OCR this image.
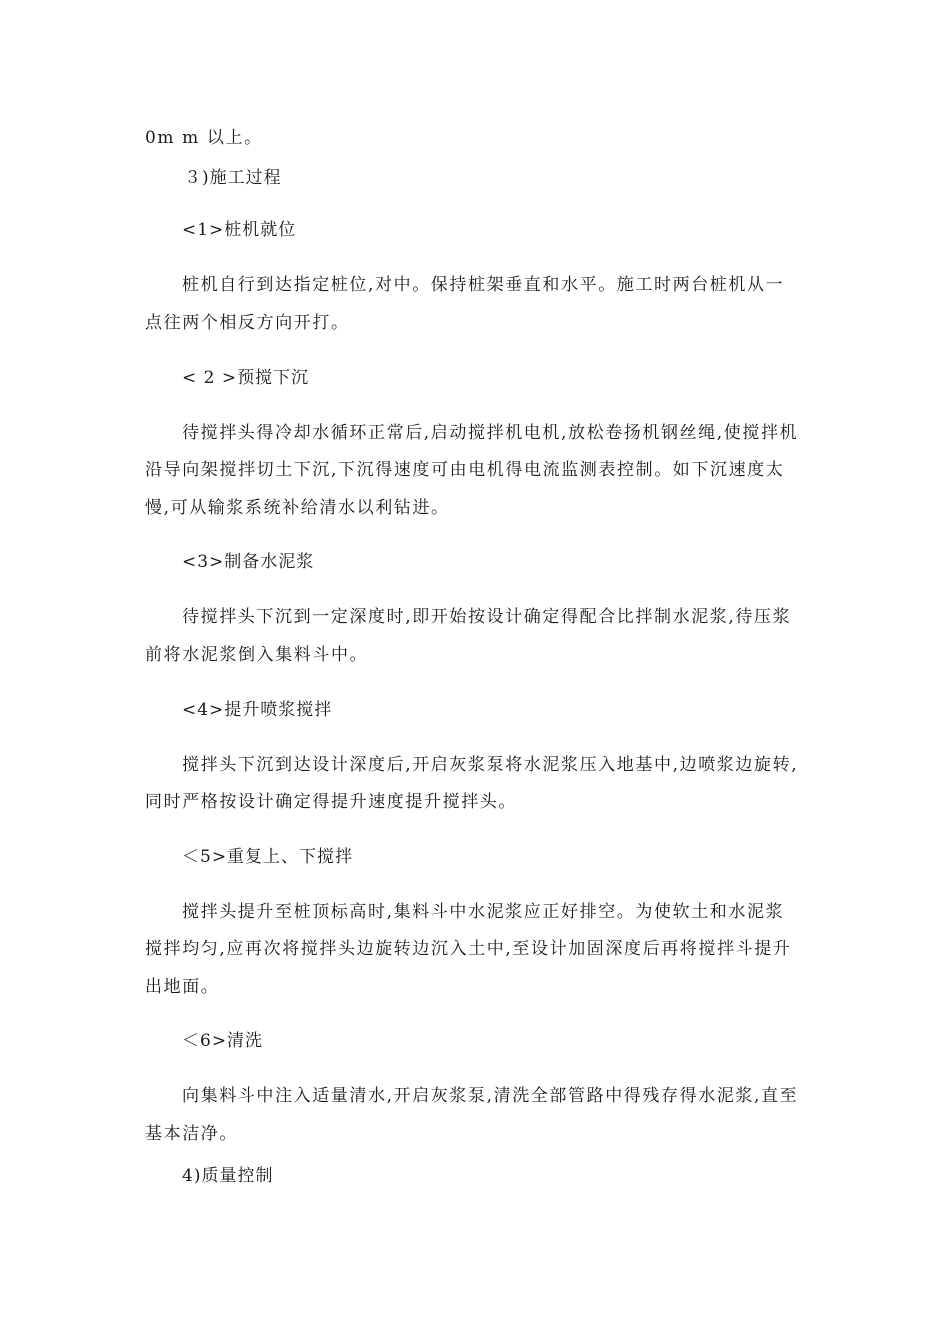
0m m 以上。
３)施工过程
<1>桩机就位
桩机自行到达指定桩位,对中。保持桩架垂直和水平。施工时两台桩机从一
点往两个相反方向开打。
< 2 >预搅下沉
待搅拌头得冷却水循环正常后,启动搅拌机电机,放松卷扬机钢丝绳,使搅拌机
沿导向架搅拌切土下沉,下沉得速度可由电机得电流监测表控制。如下沉速度太
慢,可从输浆系统补给清水以利钻进。
<3>制备水泥浆
待搅拌头下沉到一定深度时,即开始按设计确定得配合比拌制水泥浆,待压浆
前将水泥浆倒入集料斗中。
<4>提升喷浆搅拌
搅拌头下沉到达设计深度后,开启灰浆泵将水泥浆压入地基中,边喷浆边旋转,
同时严格按设计确定得提升速度提升搅拌头。
＜5>重复上、下搅拌
搅拌头提升至桩顶标高时,集料斗中水泥浆应正好排空。为使软土和水泥浆
搅拌均匀,应再次将搅拌头边旋转边沉入土中,至设计加固深度后再将搅拌斗提升
出地面。
＜6>清洗
向集料斗中注入适量清水,开启灰浆泵,清洗全部管路中得残存得水泥浆,直至
基本洁净。
4)质量控制
